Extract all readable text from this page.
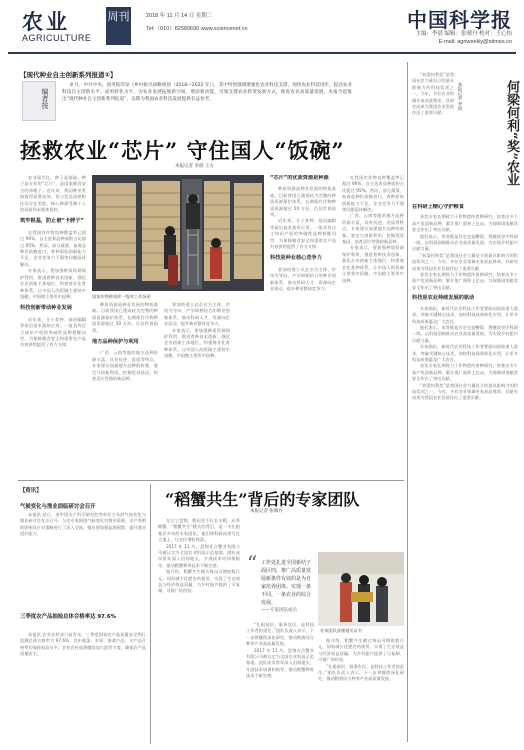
农业
AGRICULTURE
周刊	2018 年 11 月 14 日 星期三
Tel:（010）82580690 www.sciencenet.cn	中国科学报
主编：李晨 编辑：张晴丹 校对：王心怡
E-mail: agriweekly@stimes.cn
【现代种业自主创新系列报道①】
编者按

8 月，中共中央、国务院印发《乡村振兴战略规划（2018—2022 年）》，其中特别强调要强化农业科技支撑，加快农业科技进步。提高农业科技自主创新水平、成果转化水平，为农业发展拓展新空间、增添新动能，引领支撑农业转变发展方式，推进农业高质量发展。本报今起推出“现代种业自主创新系列报道”，以期为我国农业科技发展提供有益参考。

拯救农业“芯片” 守住国人“饭碗”
本报记者 李晨 王方

农业现代化，种子是基础。种子是农业的“芯片”，是国家粮食安全的命根子。近年来，我国种业发展取得显著成效，但与发达国家相比仍存在差距，核心种源受制于人的局面尚未根本扭转。

筑牢根基，防止被“卡脖子”

在我国农作物良种覆盖率已超过 96%，自主选育品种面积占比超过 95%。然而，部分蔬菜、畜禽品种仍依赖进口，育种原始创新能力不足、企业竞争力不强等问题亟待解决。

专家表示，要加强种质资源保护利用，推进育种技术创新，强化企业创新主体地位，构建商业化育种体系，让中国人的饭碗主要装中国粮，中国粮主要用中国种。

科技创新带动种业发展

近年来，分子育种、基因编辑等前沿技术加快应用，一批具有自主知识产权的突破性品种相继问世，为保障粮食安全和重要农产品有效供给提供了有力支撑。

国家作物种质库一级库工作场景

种质资源是种业发展的物质基础。目前我国已建成较为完整的种质资源保护体系，长期保存作物种质资源超过 50 万份，位居世界前列。

地方品种保护与利用

广西、云南等地的地方品种资源丰富，具有抗逆、优质等特点。专家建议加强地方品种的收集、鉴定与创新利用，挖掘优异基因，培育适应性强的新品种。

要加快建立以企业为主体、市场为导向、产学研相结合的种业创新体系，推动科研人才、资源向企业流动，提升种业整体竞争力。

专家表示，要加强种质资源保护利用，推进育种技术创新，强化企业创新主体地位，构建商业化育种体系，让中国人的饭碗主要装中国粮，中国粮主要用中国种。

“芯片”的优质资源是种源

种质资源是种业发展的物质基础。目前我国已建成较为完整的种质资源保护体系，长期保存作物种质资源超过 50 万份，位居世界前列。

近年来，分子育种、基因编辑等前沿技术加快应用，一批具有自主知识产权的突破性品种相继问世，为保障粮食安全和重要农产品有效供给提供了有力支撑。

科技是种业核心竞争力

要加快建立以企业为主体、市场为导向、产学研相结合的种业创新体系，推动科研人才、资源向企业流动，提升种业整体竞争力。

在我国农作物良种覆盖率已超过 96%，自主选育品种面积占比超过 95%。然而，部分蔬菜、畜禽品种仍依赖进口，育种原始创新能力不足、企业竞争力不强等问题亟待解决。

广西、云南等地的地方品种资源丰富，具有抗逆、优质等特点。专家建议加强地方品种的收集、鉴定与创新利用，挖掘优异基因，培育适应性强的新品种。

专家表示，要加强种质资源保护利用，推进育种技术创新，强化企业创新主体地位，构建商业化育种体系，让中国人的饭碗主要装中国粮，中国粮主要用中国种。

【资讯】
气候变化与渔业面临研讨会召开

本报讯 近日，由中国水产科学研究院等单位主办的气候变化与渔业研讨会在京召开。与会专家围绕气候变化对渔业资源、水产养殖的影响及应对策略进行了深入交流，提出要加强监测预警，提升渔业适应能力。

三季度农产品抽检总体合格率达 97.6%

本报讯 农业农村部日前发布，三季度国家农产品质量安全例行监测总体合格率为 97.6%，其中蔬菜、水果、畜禽产品、水产品合格率均保持较高水平。农业农村部将继续加大监管力度，确保农产品质量安全。

“稻蟹共生”背后的专家团队
本报记者 张晴丹

在辽宁盘锦，稻田里不仅长水稻，还养螃蟹。“稻蟹共生”模式的背后，是一支扎根基层多年的专家团队。他们将科研成果写在大地上，让农民增收致富。

2017 年 11 月，盘锦光合蟹业有限公司被认定为全国农业科技示范基地。团队成员常年深入田间地头，开展技术培训和指导，推动稻蟹种养技术不断完善。

据介绍，稻蟹共生模式每亩可增收数百元，同时减少化肥农药使用，实现了生态效益与经济效益双赢，为乡村振兴提供了可复制、可推广的经验。

“ 工作处扎进全国新结子面区四，推广高质量发展新条件有效的是为自家培养团体。实现一条不同、一条农业的综合发展。
——专家团队成员
专家团队获颁相关证书

“扎根基层，服务农民，是科技工作者的责任。”团队负责人表示，下一步将继续深化研究，推动稻渔综合种养产业高质量发展。

2017 年 11 月，盘锦光合蟹业有限公司被认定为全国农业科技示范基地。团队成员常年深入田间地头，开展技术培训和指导，推动稻蟹种养技术不断完善。

据介绍，稻蟹共生模式每亩可增收数百元，同时减少化肥农药使用，实现了生态效益与经济效益双赢，为乡村振兴提供了可复制、可推广的经验。

“扎根基层，服务农民，是科技工作者的责任。”团队负责人表示，下一步将继续深化研究，推动稻渔综合种养产业高质量发展。

何梁何利“奖”农业
本报记者 李晨

“何梁何利奖”是我国社会力量设立的最具影响力的科技奖项之一。今年，多位农业领域专家获此殊荣，其研究成果为我国农业发展作出了重要贡献。

在科研上精心守护粮食

获奖专家长期致力于作物遗传育种研究，培育出多个高产优质新品种，累计推广面积上亿亩，为保障国家粮食安全作出了突出贡献。

他们表示，荣誉既是肯定也是鞭策，将继续坚守科研一线，以科技创新推动农业高质量发展，为实现乡村振兴贡献力量。

“何梁何利奖”是我国社会力量设立的最具影响力的科技奖项之一。今年，多位农业领域专家获此殊荣，其研究成果为我国农业发展作出了重要贡献。

获奖专家长期致力于作物遗传育种研究，培育出多个高产优质新品种，累计推广面积上亿亩，为保障国家粮食安全作出了突出贡献。

科技是农业持续发展的驱动

专家指出，新时代农业科技工作者要面向国家重大需求，突破关键核心技术，加快科技成果转化应用，让更多科技成果惠及广大农民。

他们表示，荣誉既是肯定也是鞭策，将继续坚守科研一线，以科技创新推动农业高质量发展，为实现乡村振兴贡献力量。

专家指出，新时代农业科技工作者要面向国家重大需求，突破关键核心技术，加快科技成果转化应用，让更多科技成果惠及广大农民。

获奖专家长期致力于作物遗传育种研究，培育出多个高产优质新品种，累计推广面积上亿亩，为保障国家粮食安全作出了突出贡献。

“何梁何利奖”是我国社会力量设立的最具影响力的科技奖项之一。今年，多位农业领域专家获此殊荣，其研究成果为我国农业发展作出了重要贡献。
